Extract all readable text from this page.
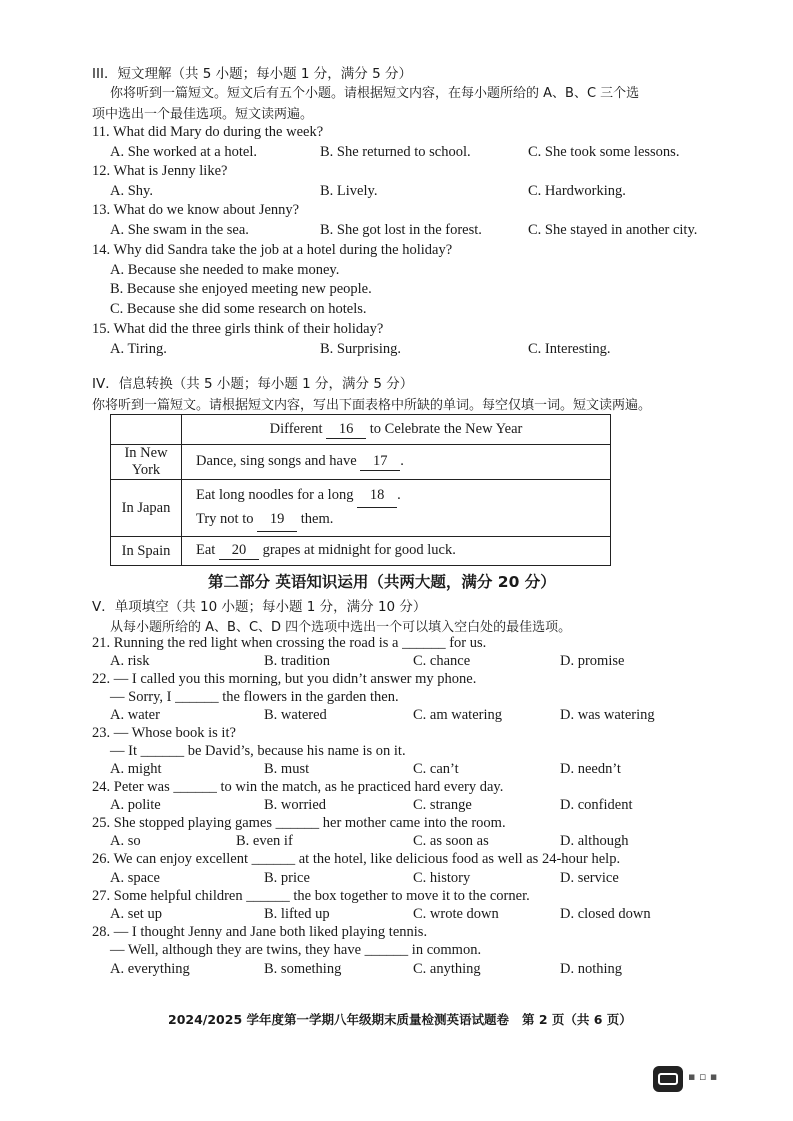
III．短文理解（共 5 小题；每小题 1 分，满分 5 分）
你将听到一篇短文。短文后有五个小题。请根据短文内容，在每小题所给的 A、B、C 三个选
项中选出一个最佳选项。短文读两遍。
11. What did Mary do during the week?
A. She worked at a hotel.	B. She returned to school.	C. She took some lessons.
12. What is Jenny like?
A. Shy.	B. Lively.	C. Hardworking.
13. What do we know about Jenny?
A. She swam in the sea.	B. She got lost in the forest.	C. She stayed in another city.
14. Why did Sandra take the job at a hotel during the holiday?
A. Because she needed to make money.
B. Because she enjoyed meeting new people.
C. Because she did some research on hotels.
15. What did the three girls think of their holiday?
A. Tiring.	B. Surprising.	C. Interesting.
IV．信息转换（共 5 小题；每小题 1 分，满分 5 分）
你将听到一篇短文。请根据短文内容，写出下面表格中所缺的单词。每空仅填一词。短文读两遍。
	Different 16 to Celebrate the New Year
In New York	Dance, sing songs and have 17 .
In Japan	Eat long noodles for a long 18 .
Try not to 19 them.

In Spain	Eat 20 grapes at midnight for good luck.
第二部分 英语知识运用（共两大题，满分 20 分）
V．单项填空（共 10 小题；每小题 1 分，满分 10 分）
从每小题所给的 A、B、C、D 四个选项中选出一个可以填入空白处的最佳选项。
21. Running the red light when crossing the road is a ______ for us.
A. risk	B. tradition	C. chance	D. promise
22. — I called you this morning, but you didn’t answer my phone.
— Sorry, I ______ the flowers in the garden then.
A. water	B. watered	C. am watering	D. was watering
23. — Whose book is it?
— It ______ be David’s, because his name is on it.
A. might	B. must	C. can’t	D. needn’t
24. Peter was ______ to win the match, as he practiced hard every day.
A. polite	B. worried	C. strange	D. confident
25. She stopped playing games ______ her mother came into the room.
A. so	B. even if	C. as soon as	D. although
26. We can enjoy excellent ______ at the hotel, like delicious food as well as 24-hour help.
A. space	B. price	C. history	D. service
27. Some helpful children ______ the box together to move it to the corner.
A. set up	B. lifted up	C. wrote down	D. closed down
28. — I thought Jenny and Jane both liked playing tennis.
— Well, although they are twins, they have ______ in common.
A. everything	B. something	C. anything	D. nothing
2024/2025 学年度第一学期八年级期末质量检测英语试题卷 第 2 页（共 6 页）
▪ ▫ ▪
